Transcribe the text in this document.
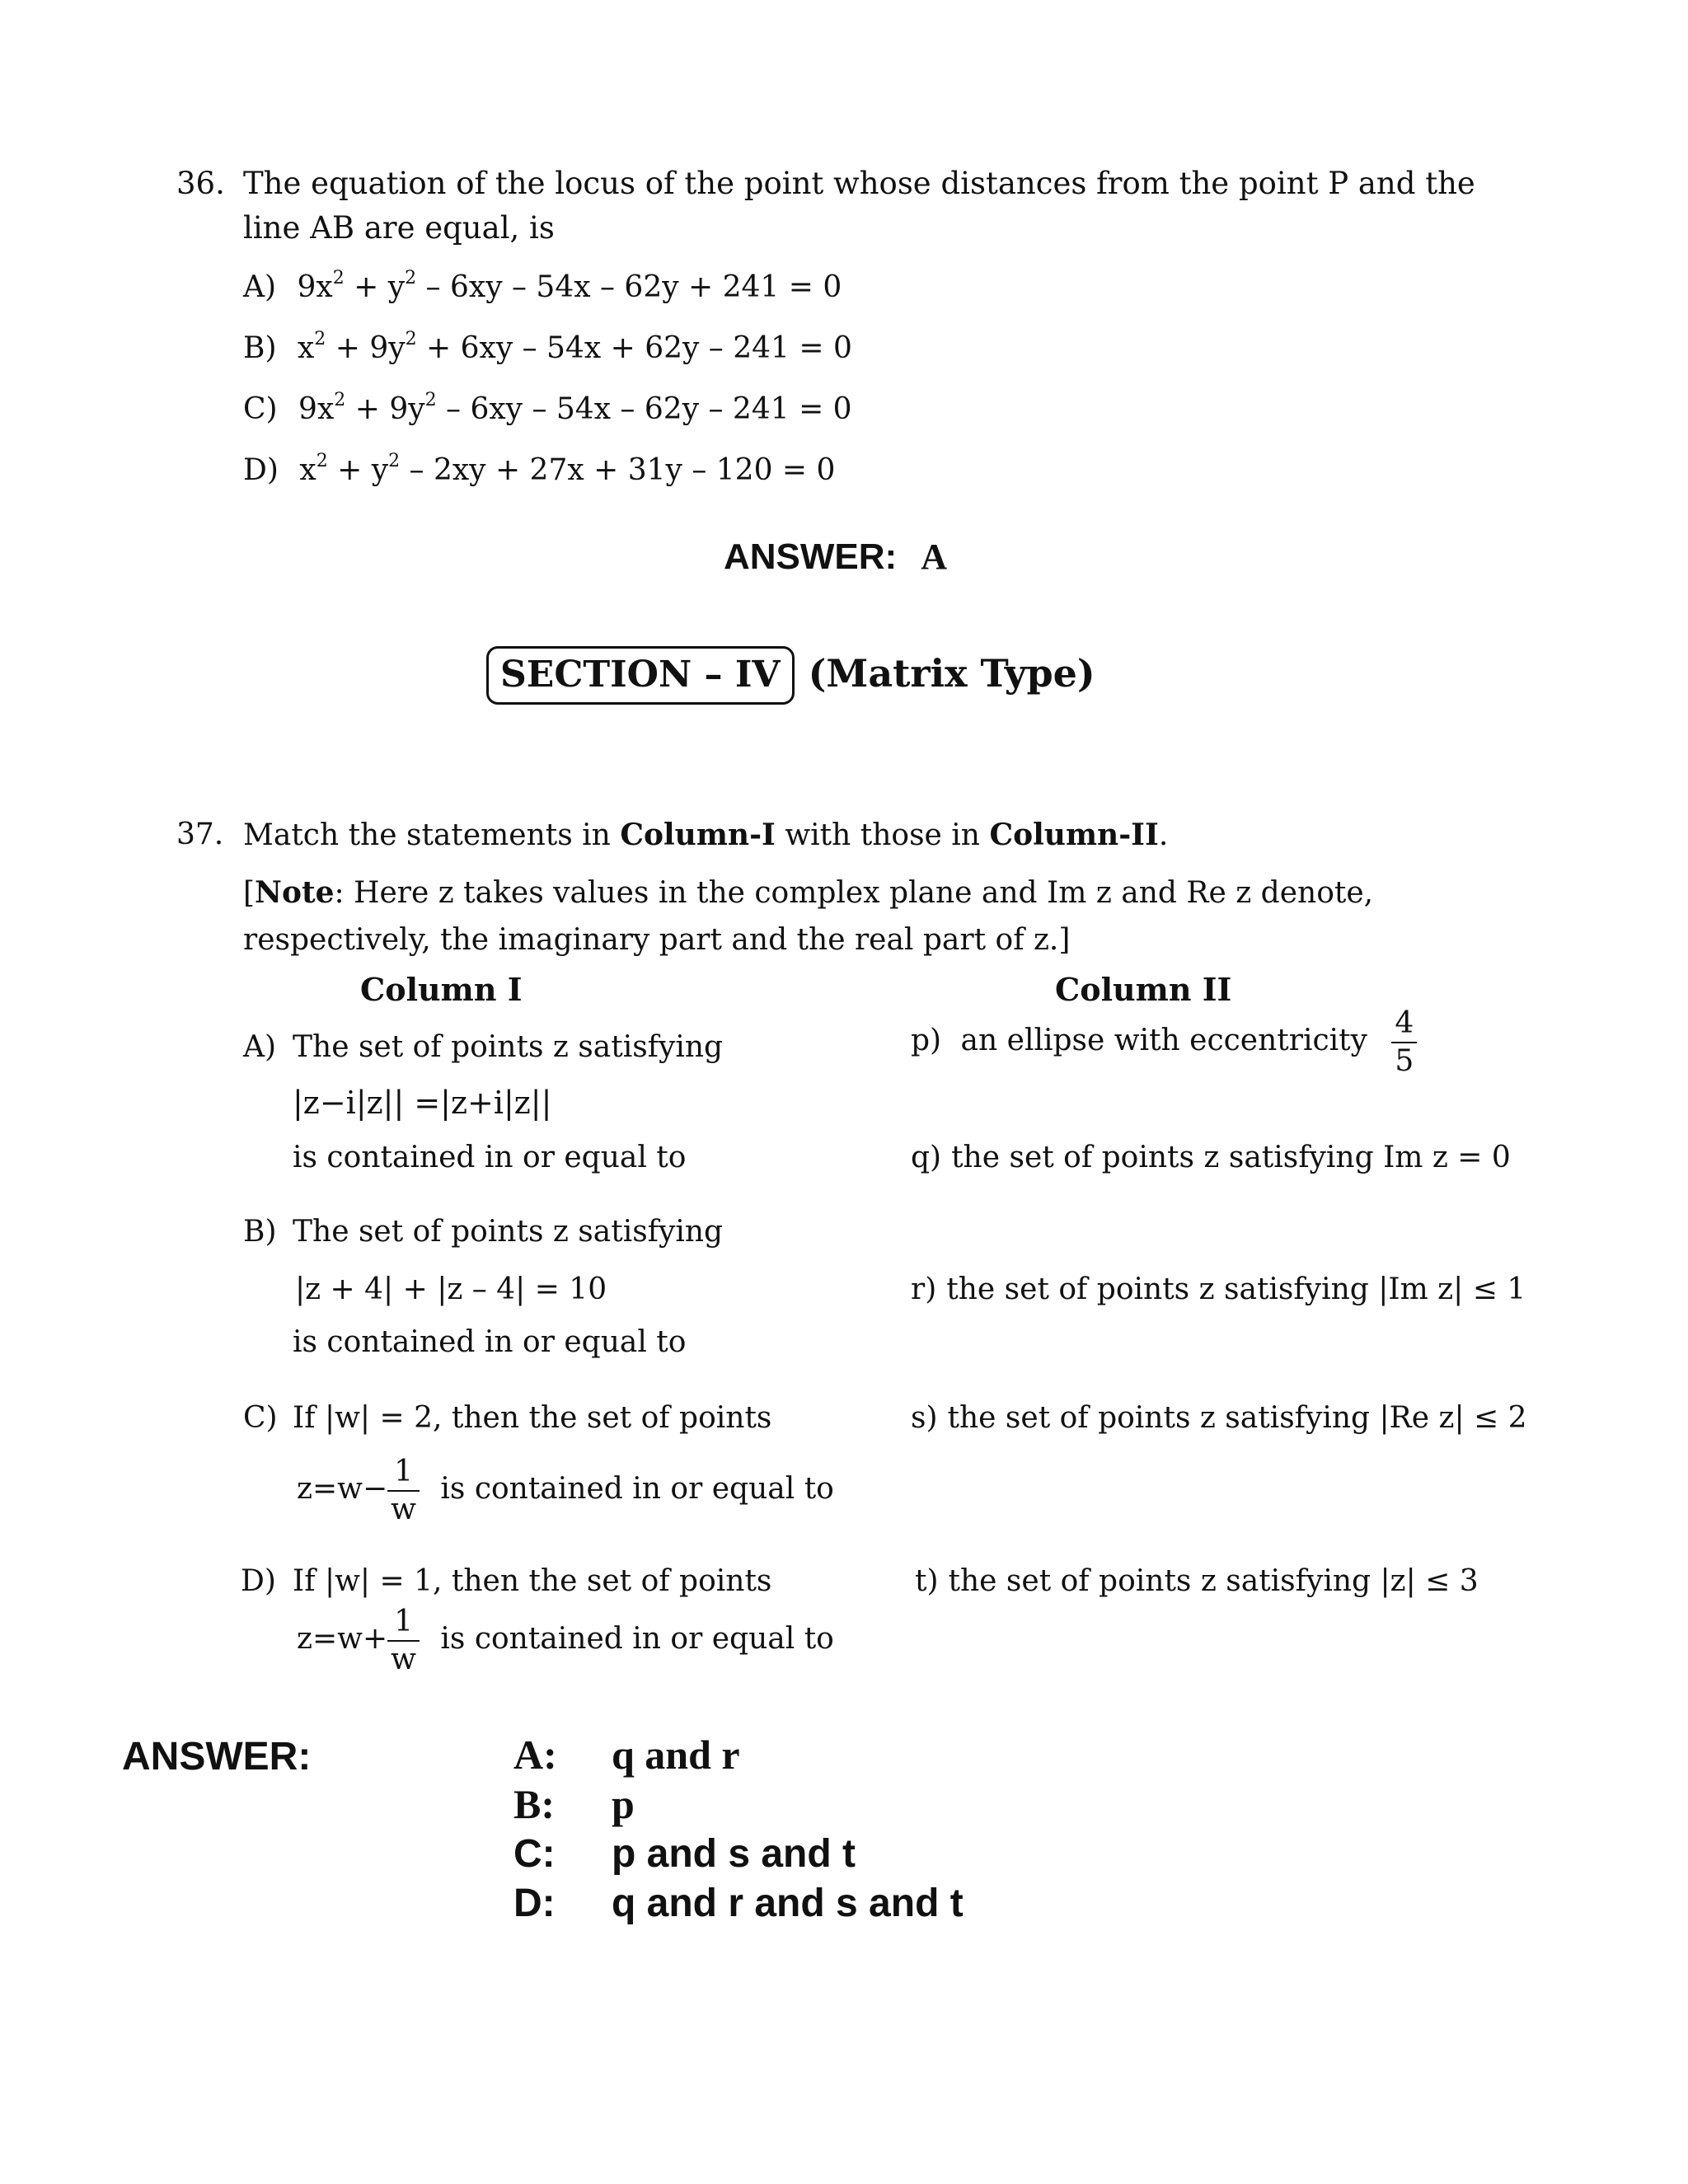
36. The equation of the locus of the point whose distances from the point P and the
line AB are equal, is
A) $9x^2 + y^2 - 6xy - 54x - 62y + 241 = 0$
B) $x^2 + 9y^2 + 6xy - 54x + 62y - 241 = 0$
C) $9x^2 + 9y^2 - 6xy - 54x - 62y - 241 = 0$
D) $x^2 + y^2 - 2xy + 27x + 31y - 120 = 0$
ANSWER: A
SECTION – IV (Matrix Type)
37. Match the statements in Column-I with those in Column-II.
[Note: Here z takes values in the complex plane and Im z and Re z denote,
respectively, the imaginary part and the real part of z.]
Column I	Column II
A) The set of points z satisfying
|z−i|z|| =|z+i|z||
is contained in or equal to
B) The set of points z satisfying
|z + 4| + |z – 4| = 10
is contained in or equal to
C) If |w| = 2, then the set of points
$z=w- \frac{1}{w}$ is contained in or equal to
D) If |w| = 1, then the set of points
$z=w+ \frac{1}{w}$ is contained in or equal to
p) an ellipse with eccentricity $\frac{4}{5}$
q) the set of points z satisfying Im z = 0
r) the set of points z satisfying |Im z| ≤ 1
s) the set of points z satisfying |Re z| ≤ 2
t) the set of points z satisfying |z| ≤ 3
ANSWER:	A: q and r
B: p
C: p and s and t
D: q and r and s and t
